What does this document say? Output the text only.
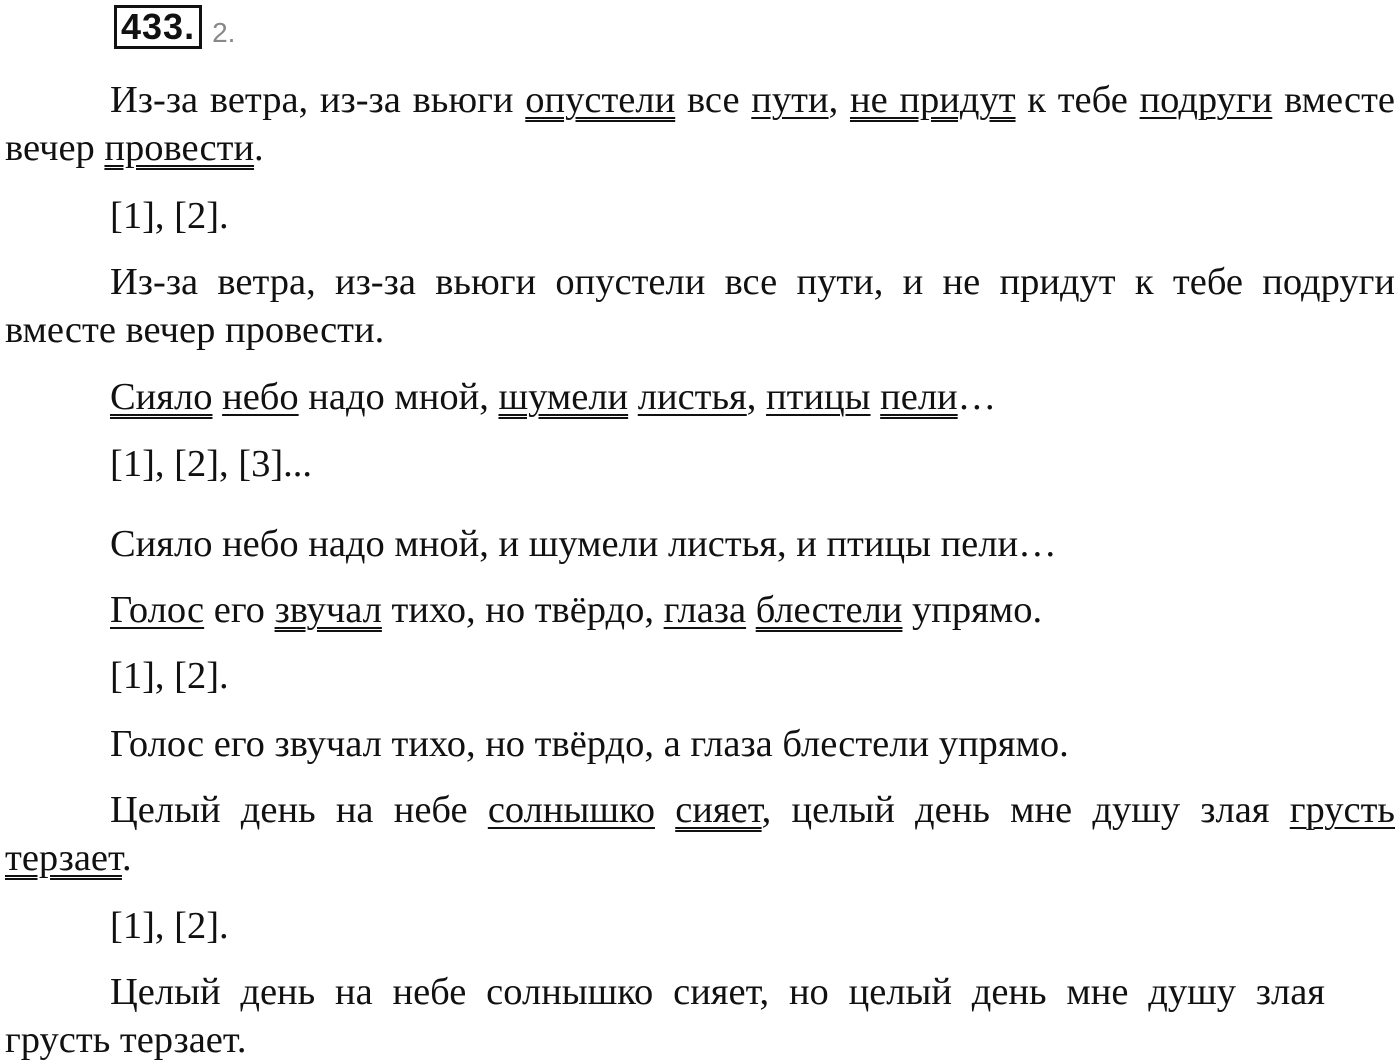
433. 2.

Из-за ветра, из-за вьюги опустели все пути, не придут к тебе подруги вместе вечер провести.

[1], [2].

Из-за ветра, из-за вьюги опустели все пути, и не придут к тебе подруги вместе вечер провести.

Сияло небо надо мной, шумели листья, птицы пели…

[1], [2], [3]...

Сияло небо надо мной, и шумели листья, и птицы пели…

Голос его звучал тихо, но твёрдо, глаза блестели упрямо.

[1], [2].

Голос его звучал тихо, но твёрдо, а глаза блестели упрямо.

Целый день на небе солнышко сияет, целый день мне душу злая грусть терзает.

[1], [2].

Целый день на небе солнышко сияет, но целый день мне душу злая грусть терзает.
